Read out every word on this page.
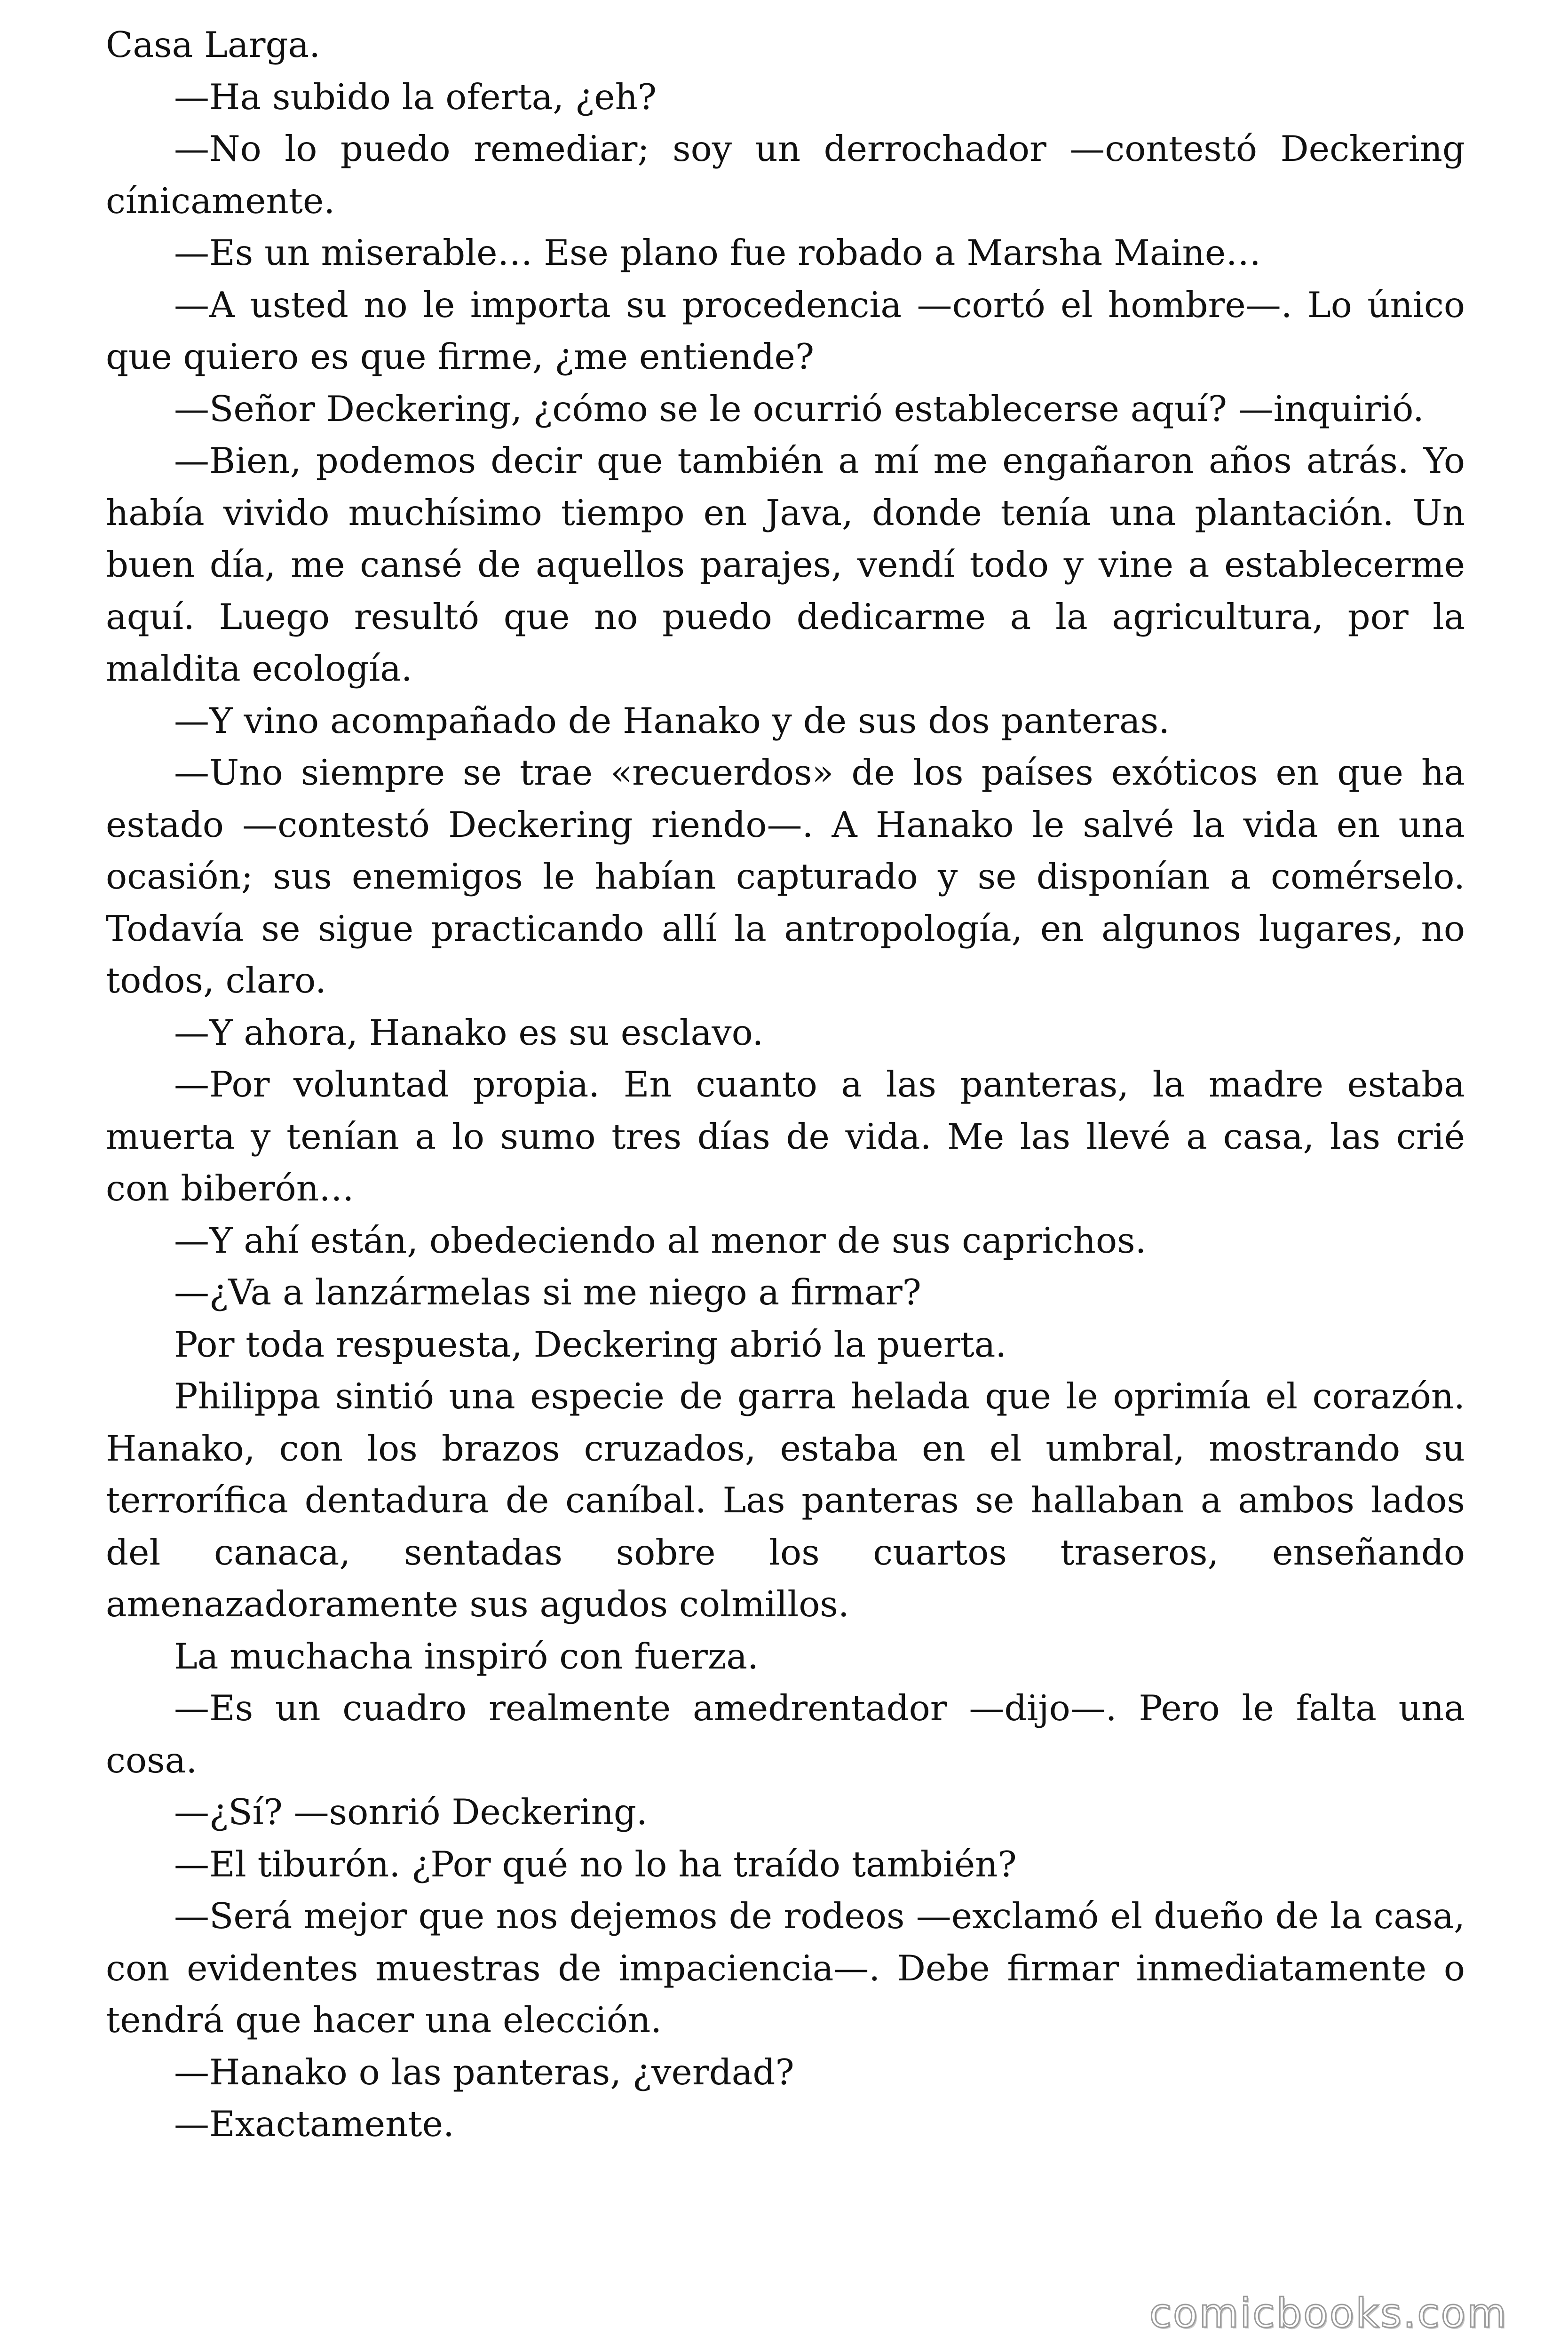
Casa Larga.

—Ha subido la oferta, ¿eh?

—No lo puedo remediar; soy un derrochador —contestó Deckering cínicamente.

—Es un miserable… Ese plano fue robado a Marsha Maine…

—A usted no le importa su procedencia —cortó el hombre—. Lo único que quiero es que firme, ¿me entiende?

—Señor Deckering, ¿cómo se le ocurrió establecerse aquí? —inquirió.

—Bien, podemos decir que también a mí me engañaron años atrás. Yo había vivido muchísimo tiempo en Java, donde tenía una plantación. Un buen día, me cansé de aquellos parajes, vendí todo y vine a establecerme aquí. Luego resultó que no puedo dedicarme a la agricultura, por la maldita ecología.

—Y vino acompañado de Hanako y de sus dos panteras.

—Uno siempre se trae «recuerdos» de los países exóticos en que ha estado —contestó Deckering riendo—. A Hanako le salvé la vida en una ocasión; sus enemigos le habían capturado y se disponían a comérselo. Todavía se sigue practicando allí la antropología, en algunos lugares, no todos, claro.

—Y ahora, Hanako es su esclavo.

—Por voluntad propia. En cuanto a las panteras, la madre estaba muerta y tenían a lo sumo tres días de vida. Me las llevé a casa, las crié con biberón…

—Y ahí están, obedeciendo al menor de sus caprichos.

—¿Va a lanzármelas si me niego a firmar?

Por toda respuesta, Deckering abrió la puerta.

Philippa sintió una especie de garra helada que le oprimía el corazón. Hanako, con los brazos cruzados, estaba en el umbral, mostrando su terrorífica dentadura de caníbal. Las panteras se hallaban a ambos lados del canaca, sentadas sobre los cuartos traseros, enseñando amenazadoramente sus agudos colmillos.

La muchacha inspiró con fuerza.

—Es un cuadro realmente amedrentador —dijo—. Pero le falta una cosa.

—¿Sí? —sonrió Deckering.

—El tiburón. ¿Por qué no lo ha traído también?

—Será mejor que nos dejemos de rodeos —exclamó el dueño de la casa, con evidentes muestras de impaciencia—. Debe firmar inmediatamente o tendrá que hacer una elección.

—Hanako o las panteras, ¿verdad?

—Exactamente.

comicbooks.com
